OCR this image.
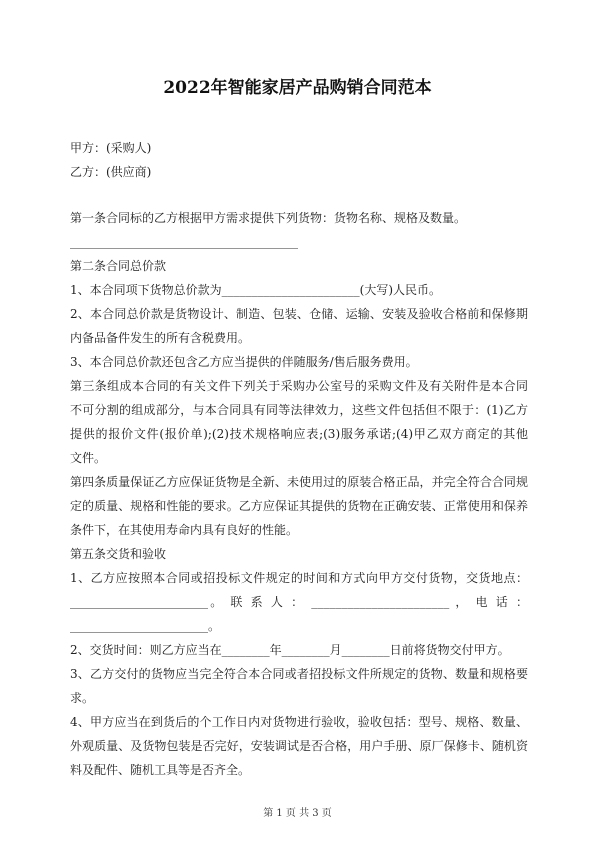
2022年智能家居产品购销合同范本
甲方：(采购人)
乙方：(供应商)
第一条合同标的乙方根据甲方需求提供下列货物：货物名称、规格及数量。
______________________________________
第二条合同总价款
1、本合同项下货物总价款为_______________________(大写)人民币。
2、本合同总价款是货物设计、制造、包装、仓储、运输、安装及验收合格前和保修期
内备品备件发生的所有含税费用。
3、本合同总价款还包含乙方应当提供的伴随服务/售后服务费用。
第三条组成本合同的有关文件下列关于采购办公室号的采购文件及有关附件是本合同
不可分割的组成部分，与本合同具有同等法律效力，这些文件包括但不限于：(1)乙方
提供的报价文件(报价单);(2)技术规格响应表;(3)服务承诺;(4)甲乙双方商定的其他
文件。
第四条质量保证乙方应保证货物是全新、未使用过的原装合格正品，并完全符合合同规
定的质量、规格和性能的要求。乙方应保证其提供的货物在正确安装、正常使用和保养
条件下，在其使用寿命内具有良好的性能。
第五条交货和验收
1、乙方应按照本合同或招投标文件规定的时间和方式向甲方交付货物，交货地点：
_______________________。 联 系 人 ： _______________________ ， 电 话 ：
_______________________。
2、交货时间：则乙方应当在________年________月________日前将货物交付甲方。
3、乙方交付的货物应当完全符合本合同或者招投标文件所规定的货物、数量和规格要
求。
4、甲方应当在到货后的个工作日内对货物进行验收，验收包括：型号、规格、数量、
外观质量、及货物包装是否完好，安装调试是否合格，用户手册、原厂保修卡、随机资
料及配件、随机工具等是否齐全。
第 1 页 共 3 页
